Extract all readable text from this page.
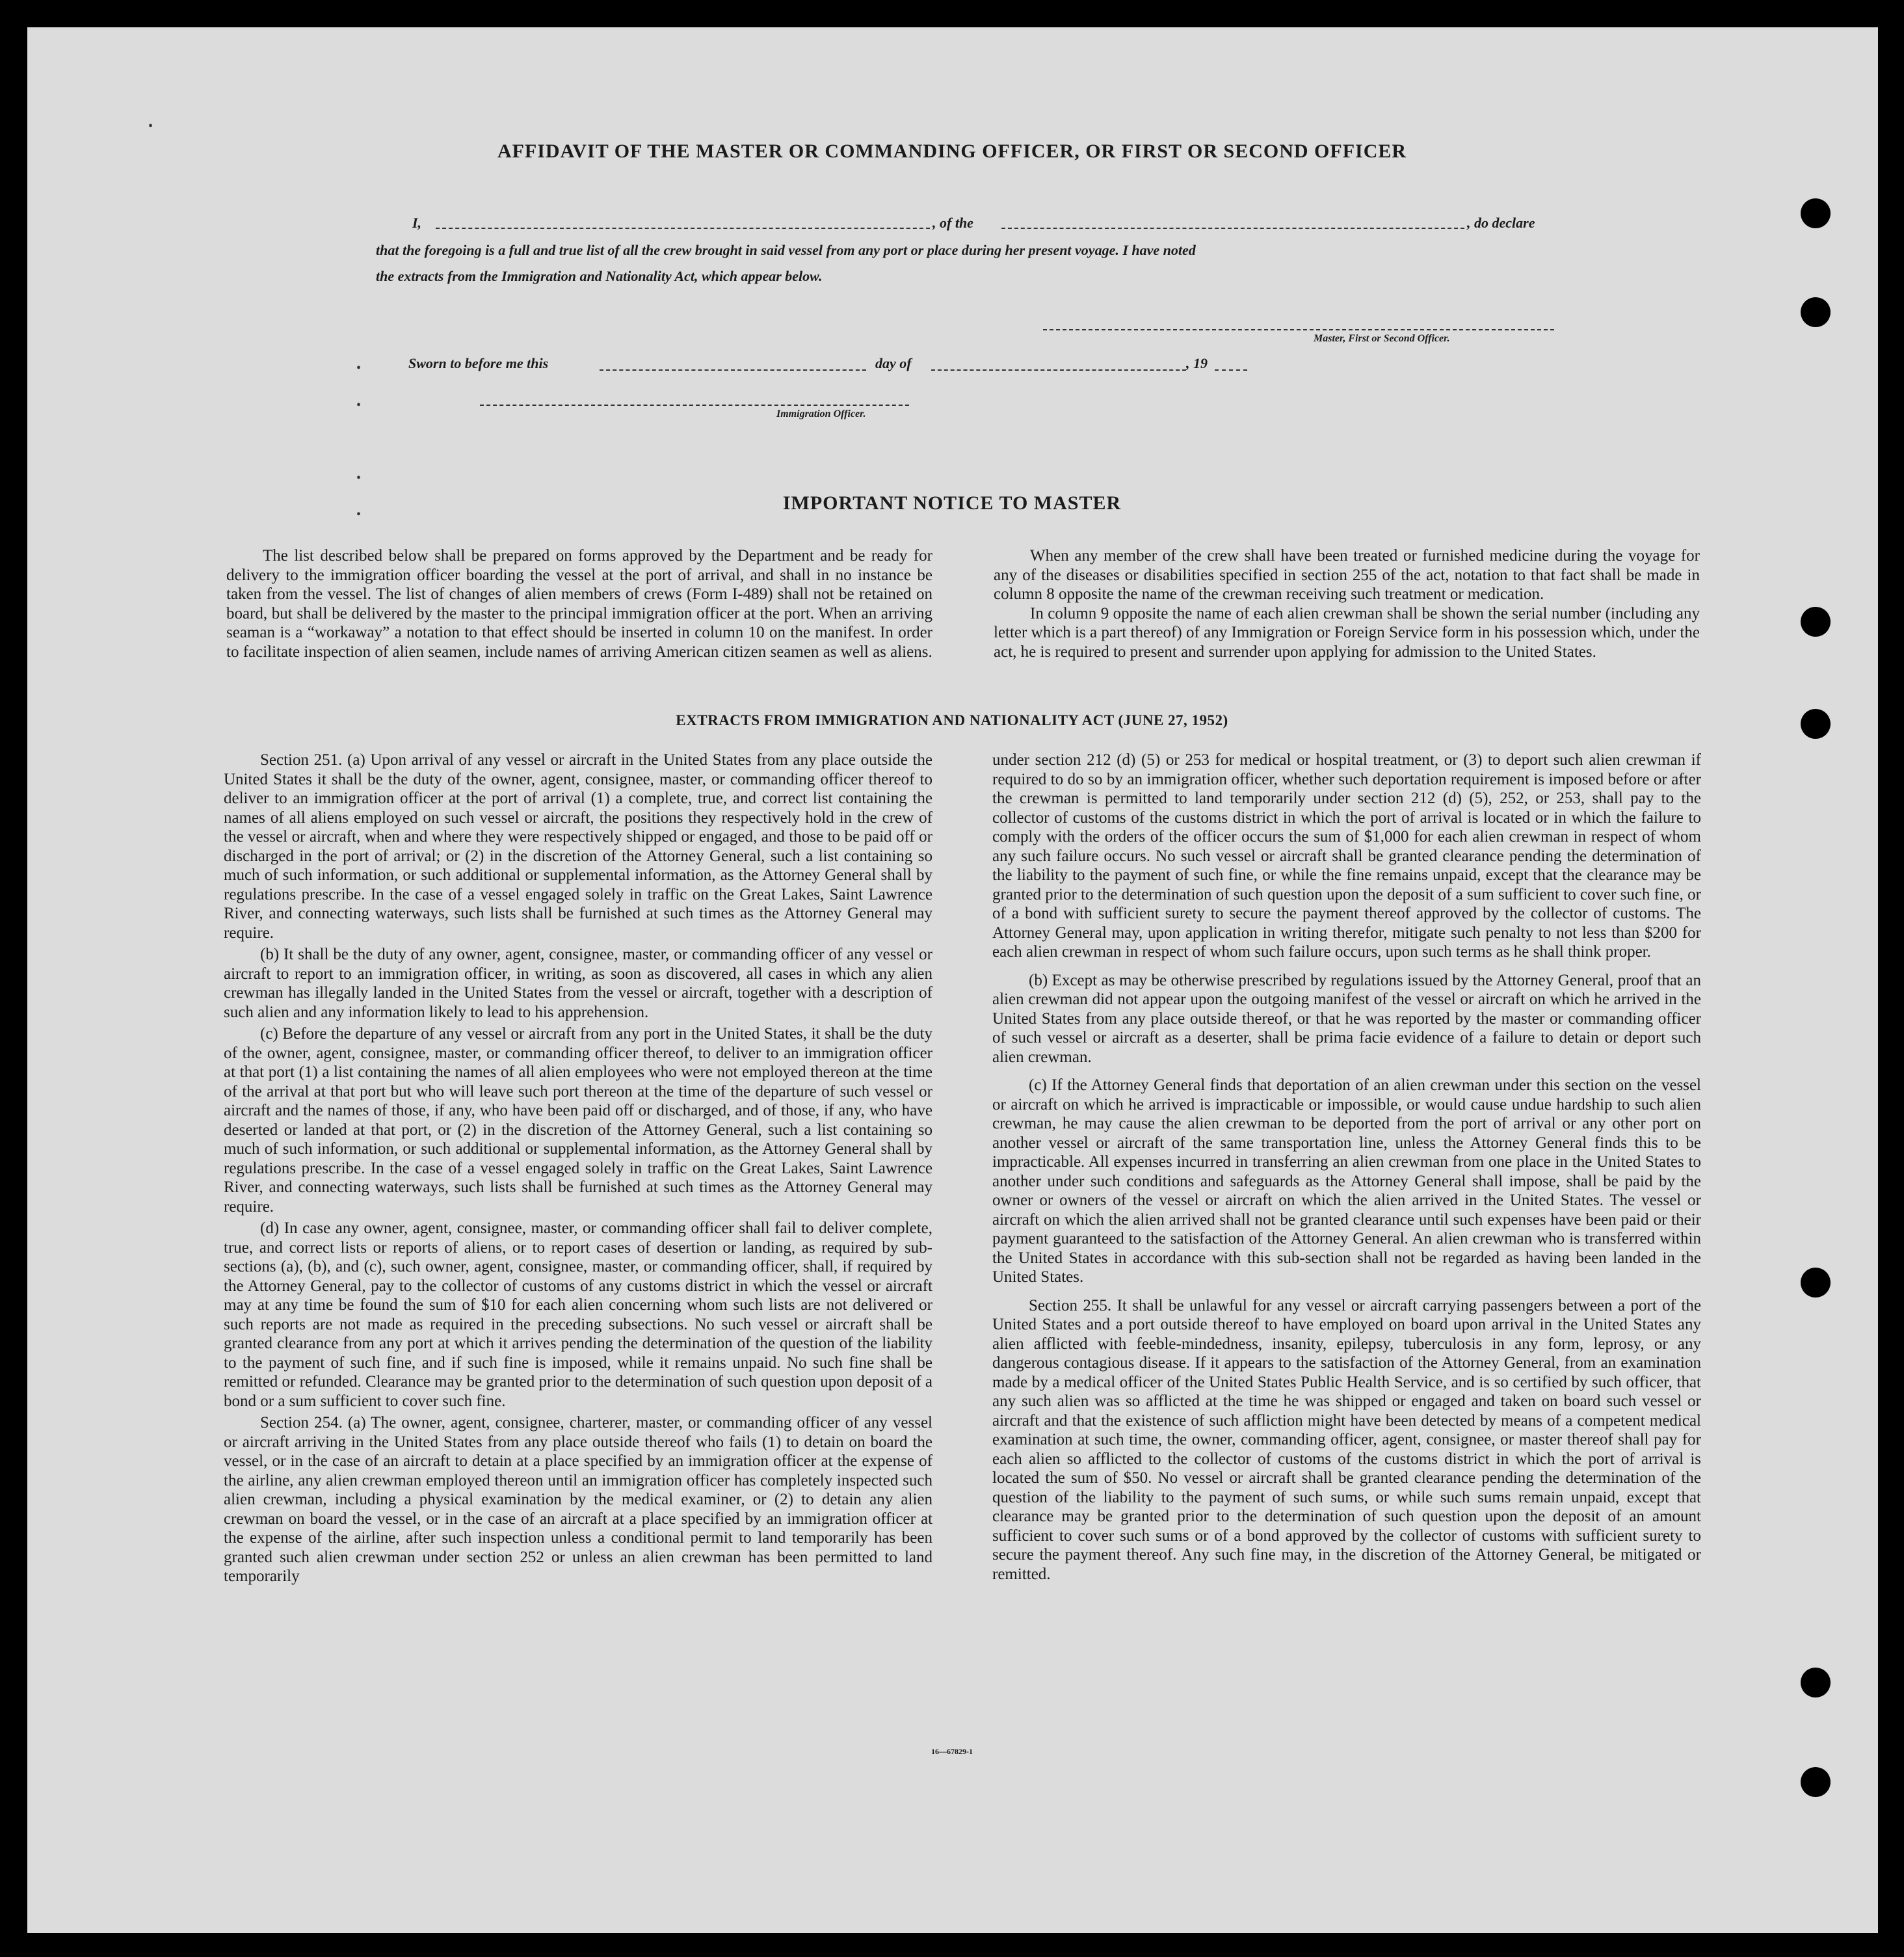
•
•
•
•
•
AFFIDAVIT OF THE MASTER OR COMMANDING OFFICER, OR FIRST OR SECOND OFFICER
I,	, of the	, do declare
that the foregoing is a full and true list of all the crew brought in said vessel from any port or place during her present voyage. I have noted
the extracts from the Immigration and Nationality Act, which appear below.
Master, First or Second Officer.
Sworn to before me this	day of	, 19
Immigration Officer.
IMPORTANT NOTICE TO MASTER

The list described below shall be prepared on forms approved by the Department and be ready for delivery to the immigration officer boarding the vessel at the port of arrival, and shall in no instance be taken from the vessel. The list of changes of alien members of crews (Form I-489) shall not be retained on board, but shall be delivered by the master to the principal immigration officer at the port. When an arriving seaman is a “workaway” a notation to that effect should be inserted in column 10 on the manifest. In order to facilitate inspection of alien seamen, include names of arriving American citizen seamen as well as aliens.

When any member of the crew shall have been treated or furnished medicine during the voyage for any of the diseases or disabilities specified in section 255 of the act, notation to that fact shall be made in column 8 opposite the name of the crewman receiving such treatment or medication.

In column 9 opposite the name of each alien crewman shall be shown the serial number (including any letter which is a part thereof) of any Immigration or Foreign Service form in his possession which, under the act, he is required to present and surrender upon applying for admission to the United States.

EXTRACTS FROM IMMIGRATION AND NATIONALITY ACT (JUNE 27, 1952)

Section 251. (a) Upon arrival of any vessel or aircraft in the United States from any place outside the United States it shall be the duty of the owner, agent, consignee, master, or commanding officer thereof to deliver to an immigration officer at the port of arrival (1) a complete, true, and correct list containing the names of all aliens employed on such vessel or aircraft, the positions they respectively hold in the crew of the vessel or aircraft, when and where they were respectively shipped or engaged, and those to be paid off or discharged in the port of arrival; or (2) in the discretion of the Attorney General, such a list containing so much of such information, or such additional or supplemental information, as the Attorney General shall by regulations prescribe. In the case of a vessel engaged solely in traffic on the Great Lakes, Saint Lawrence River, and connecting waterways, such lists shall be furnished at such times as the Attorney General may require.

(b) It shall be the duty of any owner, agent, consignee, master, or commanding officer of any vessel or aircraft to report to an immigration officer, in writing, as soon as discovered, all cases in which any alien crewman has illegally landed in the United States from the vessel or aircraft, together with a description of such alien and any information likely to lead to his apprehension.

(c) Before the departure of any vessel or aircraft from any port in the United States, it shall be the duty of the owner, agent, consignee, master, or commanding officer thereof, to deliver to an immigration officer at that port (1) a list containing the names of all alien employees who were not employed thereon at the time of the arrival at that port but who will leave such port thereon at the time of the departure of such vessel or aircraft and the names of those, if any, who have been paid off or discharged, and of those, if any, who have deserted or landed at that port, or (2) in the discretion of the Attorney General, such a list containing so much of such information, or such additional or supplemental information, as the Attorney General shall by regulations prescribe. In the case of a vessel engaged solely in traffic on the Great Lakes, Saint Lawrence River, and connecting waterways, such lists shall be furnished at such times as the Attorney General may require.

(d) In case any owner, agent, consignee, master, or commanding officer shall fail to deliver complete, true, and correct lists or reports of aliens, or to report cases of desertion or landing, as required by sub-sections (a), (b), and (c), such owner, agent, consignee, master, or commanding officer, shall, if required by the Attorney General, pay to the collector of customs of any customs district in which the vessel or aircraft may at any time be found the sum of $10 for each alien concerning whom such lists are not delivered or such reports are not made as required in the preceding subsections. No such vessel or aircraft shall be granted clearance from any port at which it arrives pending the determination of the question of the liability to the payment of such fine, and if such fine is imposed, while it remains unpaid. No such fine shall be remitted or refunded. Clearance may be granted prior to the determination of such question upon deposit of a bond or a sum sufficient to cover such fine.

Section 254. (a) The owner, agent, consignee, charterer, master, or commanding officer of any vessel or aircraft arriving in the United States from any place outside thereof who fails (1) to detain on board the vessel, or in the case of an aircraft to detain at a place specified by an immigration officer at the expense of the airline, any alien crewman employed thereon until an immigration officer has completely inspected such alien crewman, including a physical examination by the medical examiner, or (2) to detain any alien crewman on board the vessel, or in the case of an aircraft at a place specified by an immigration officer at the expense of the airline, after such inspection unless a conditional permit to land temporarily has been granted such alien crewman under section 252 or unless an alien crewman has been permitted to land temporarily

under section 212 (d) (5) or 253 for medical or hospital treatment, or (3) to deport such alien crewman if required to do so by an immigration officer, whether such deportation requirement is imposed before or after the crewman is permitted to land temporarily under section 212 (d) (5), 252, or 253, shall pay to the collector of customs of the customs district in which the port of arrival is located or in which the failure to comply with the orders of the officer occurs the sum of $1,000 for each alien crewman in respect of whom any such failure occurs. No such vessel or aircraft shall be granted clearance pending the determination of the liability to the payment of such fine, or while the fine remains unpaid, except that the clearance may be granted prior to the determination of such question upon the deposit of a sum sufficient to cover such fine, or of a bond with sufficient surety to secure the payment thereof approved by the collector of customs. The Attorney General may, upon application in writing therefor, mitigate such penalty to not less than $200 for each alien crewman in respect of whom such failure occurs, upon such terms as he shall think proper.

(b) Except as may be otherwise prescribed by regulations issued by the Attorney General, proof that an alien crewman did not appear upon the outgoing manifest of the vessel or aircraft on which he arrived in the United States from any place outside thereof, or that he was reported by the master or commanding officer of such vessel or aircraft as a deserter, shall be prima facie evidence of a failure to detain or deport such alien crewman.

(c) If the Attorney General finds that deportation of an alien crewman under this section on the vessel or aircraft on which he arrived is impracticable or impossible, or would cause undue hardship to such alien crewman, he may cause the alien crewman to be deported from the port of arrival or any other port on another vessel or aircraft of the same transportation line, unless the Attorney General finds this to be impracticable. All expenses incurred in transferring an alien crewman from one place in the United States to another under such conditions and safeguards as the Attorney General shall impose, shall be paid by the owner or owners of the vessel or aircraft on which the alien arrived in the United States. The vessel or aircraft on which the alien arrived shall not be granted clearance until such expenses have been paid or their payment guaranteed to the satisfaction of the Attorney General. An alien crewman who is transferred within the United States in accordance with this sub-section shall not be regarded as having been landed in the United States.

Section 255. It shall be unlawful for any vessel or aircraft carrying passengers between a port of the United States and a port outside thereof to have employed on board upon arrival in the United States any alien afflicted with feeble-mindedness, insanity, epilepsy, tuberculosis in any form, leprosy, or any dangerous contagious disease. If it appears to the satisfaction of the Attorney General, from an examination made by a medical officer of the United States Public Health Service, and is so certified by such officer, that any such alien was so afflicted at the time he was shipped or engaged and taken on board such vessel or aircraft and that the existence of such affliction might have been detected by means of a competent medical examination at such time, the owner, commanding officer, agent, consignee, or master thereof shall pay for each alien so afflicted to the collector of customs of the customs district in which the port of arrival is located the sum of $50. No vessel or aircraft shall be granted clearance pending the determination of the question of the liability to the payment of such sums, or while such sums remain unpaid, except that clearance may be granted prior to the determination of such question upon the deposit of an amount sufficient to cover such sums or of a bond approved by the collector of customs with sufficient surety to secure the payment thereof. Any such fine may, in the discretion of the Attorney General, be mitigated or remitted.

16—67829-1
